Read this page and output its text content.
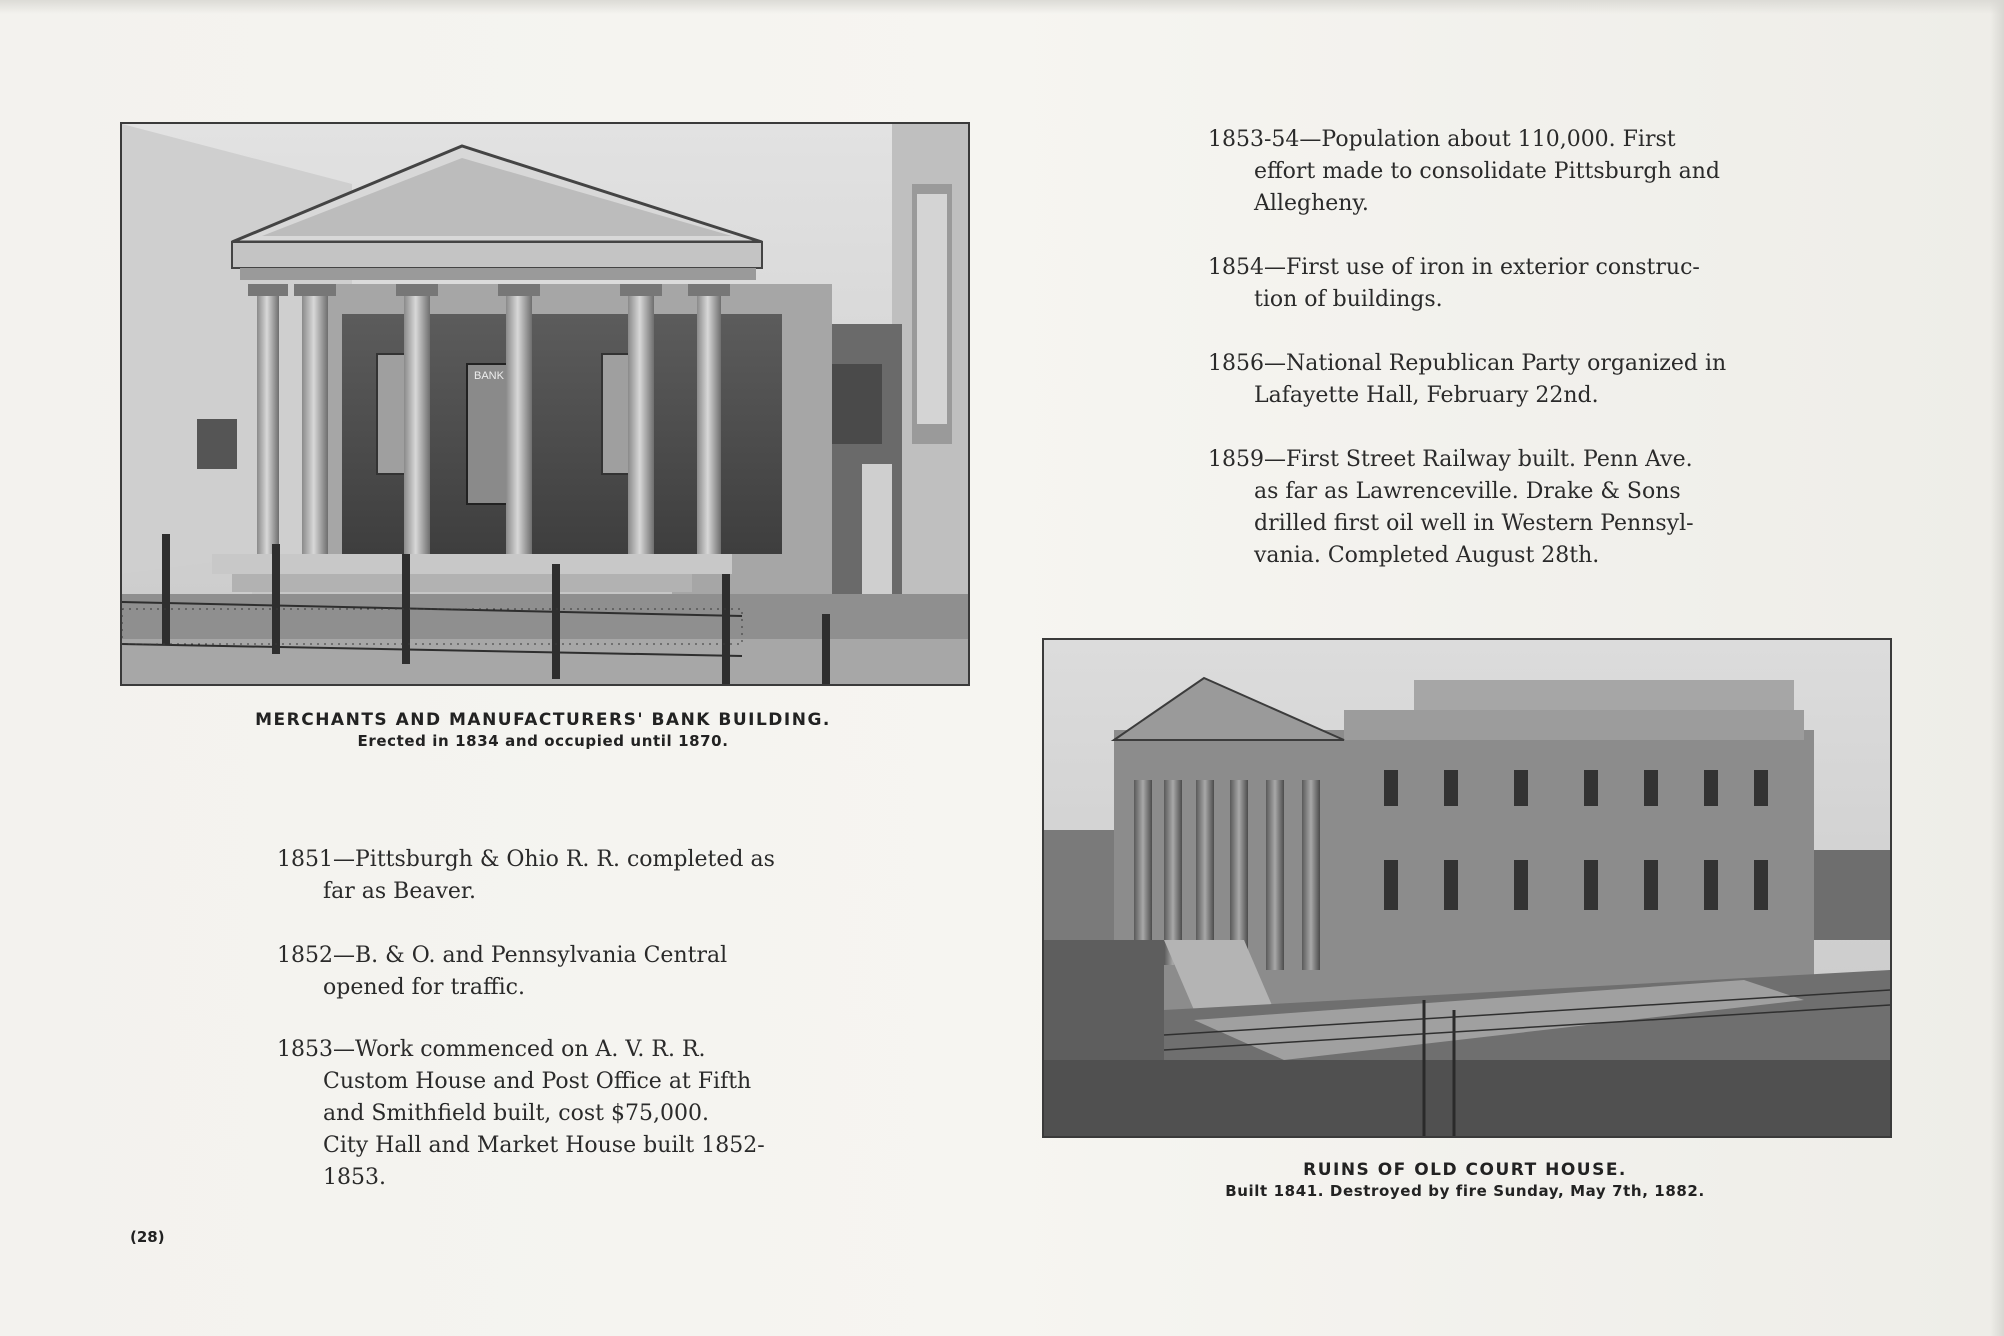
BANK
MERCHANTS AND MANUFACTURERS' BANK BUILDING.
Erected in 1834 and occupied until 1870.
RUINS OF OLD COURT HOUSE.
Built 1841. Destroyed by fire Sunday, May 7th, 1882.
1853-54—Population about 110,000. First
effort made to consolidate Pittsburgh and
Allegheny.
1854—First use of iron in exterior construc-
tion of buildings.
1856—National Republican Party organized in
Lafayette Hall, February 22nd.
1859—First Street Railway built. Penn Ave.
as far as Lawrenceville. Drake & Sons
drilled first oil well in Western Pennsyl-
vania. Completed August 28th.
1851—Pittsburgh & Ohio R. R. completed as
far as Beaver.
1852—B. & O. and Pennsylvania Central
opened for traffic.
1853—Work commenced on A. V. R. R.
Custom House and Post Office at Fifth
and Smithfield built, cost $75,000.
City Hall and Market House built 1852-
1853.
(28)
